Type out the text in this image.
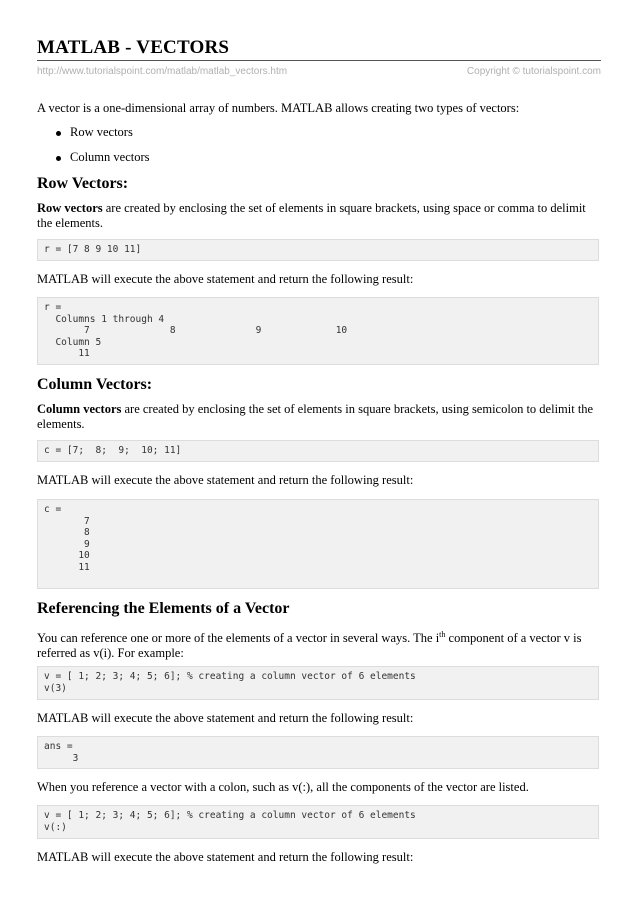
MATLAB - VECTORS
http://www.tutorialspoint.com/matlab/matlab_vectors.htm	Copyright © tutorialspoint.com

A vector is a one-dimensional array of numbers. MATLAB allows creating two types of vectors:

Row vectors
Column vectors
Row Vectors:

Row vectors are created by enclosing the set of elements in square brackets, using space or comma to delimit the elements.

r = [7 8 9 10 11]

MATLAB will execute the above statement and return the following result:

r =
Columns 1 through 4
7              8              9             10
Column 5
11
Column Vectors:

Column vectors are created by enclosing the set of elements in square brackets, using semicolon to delimit the elements.

c = [7;  8;  9;  10; 11]

MATLAB will execute the above statement and return the following result:

c =
7
8
9
10
11
Referencing the Elements of a Vector

You can reference one or more of the elements of a vector in several ways. The $i^{th}$ component of a vector v is referred as v(i). For example:

v = [ 1; 2; 3; 4; 5; 6]; % creating a column vector of 6 elements
v(3)

MATLAB will execute the above statement and return the following result:

ans =
3

When you reference a vector with a colon, such as v(:), all the components of the vector are listed.

v = [ 1; 2; 3; 4; 5; 6]; % creating a column vector of 6 elements
v(:)

MATLAB will execute the above statement and return the following result:
